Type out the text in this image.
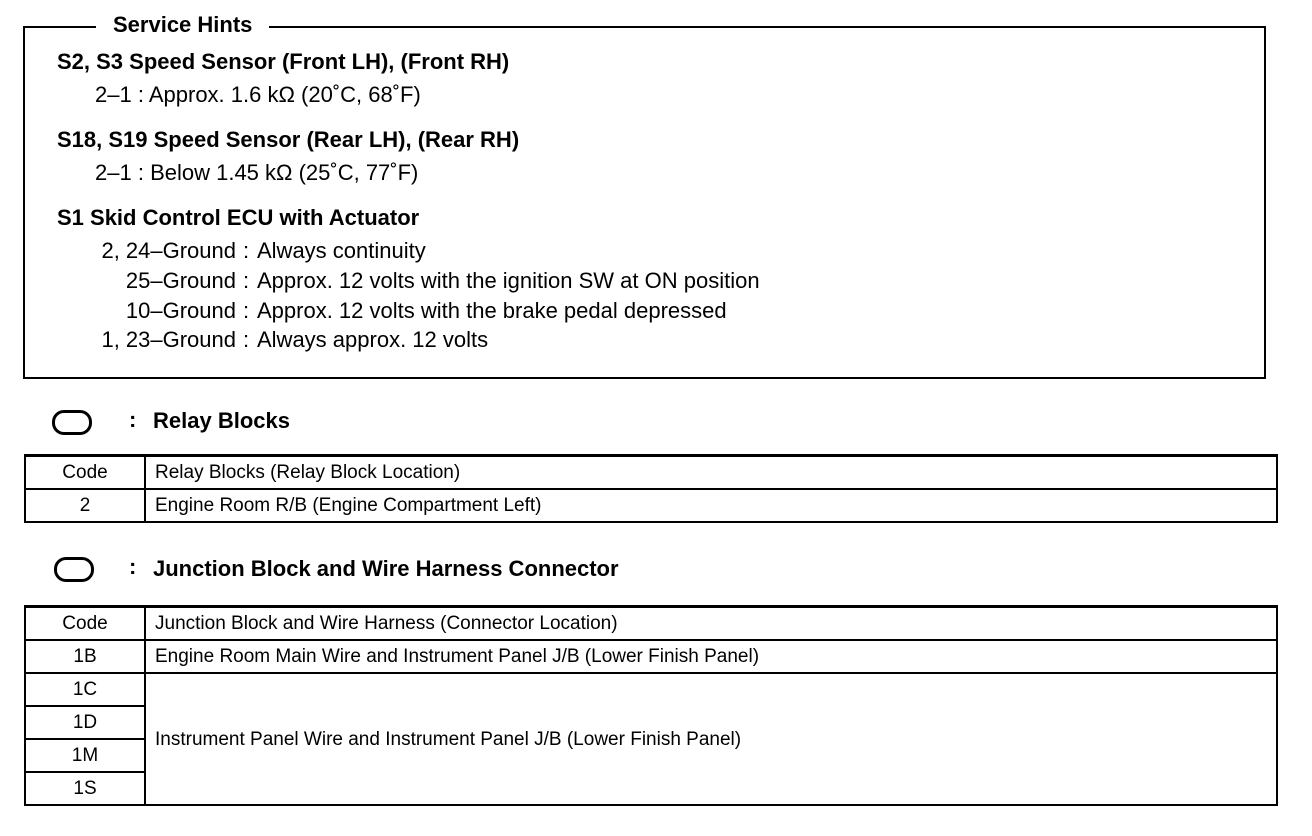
Service Hints
S2, S3 Speed Sensor (Front LH), (Front RH)
2–1 : Approx. 1.6 kΩ (20˚C, 68˚F)
S18, S19 Speed Sensor (Rear LH), (Rear RH)
2–1 : Below 1.45 kΩ (25˚C, 77˚F)
S1 Skid Control ECU with Actuator
2, 24–Ground : Always continuity
25–Ground : Approx. 12 volts with the ignition SW at ON position
10–Ground : Approx. 12 volts with the brake pedal depressed
1, 23–Ground : Always approx. 12 volts
: Relay Blocks
Code	Relay Blocks (Relay Block Location)
2	Engine Room R/B (Engine Compartment Left)
: Junction Block and Wire Harness Connector
Code	Junction Block and Wire Harness (Connector Location)
1B	Engine Room Main Wire and Instrument Panel J/B (Lower Finish Panel)
1C	Instrument Panel Wire and Instrument Panel J/B (Lower Finish Panel)
1D	
1M	
1S	
